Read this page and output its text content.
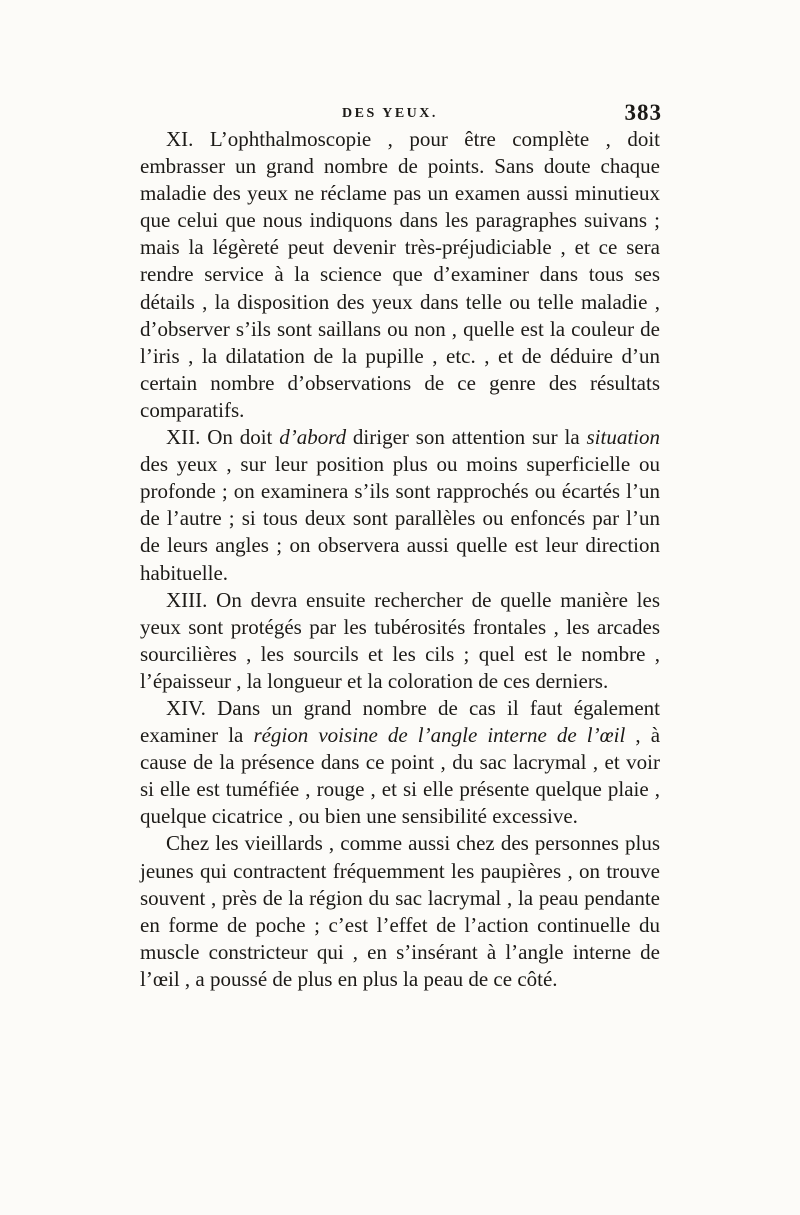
DES YEUX.	383

XI. L’ophthalmoscopie , pour être complète , doit embrasser un grand nombre de points. Sans doute chaque maladie des yeux ne réclame pas un examen aussi minutieux que celui que nous indiquons dans les paragraphes suivans ; mais la légèreté peut devenir très-préjudiciable , et ce sera rendre service à la science que d’examiner dans tous ses détails , la disposition des yeux dans telle ou telle maladie , d’observer s’ils sont saillans ou non , quelle est la couleur de l’iris , la dilatation de la pupille , etc. , et de déduire d’un certain nombre d’observations de ce genre des résultats comparatifs.

XII. On doit d’abord diriger son attention sur la situation des yeux , sur leur position plus ou moins superficielle ou profonde ; on examinera s’ils sont rapprochés ou écartés l’un de l’autre ; si tous deux sont parallèles ou enfoncés par l’un de leurs angles ; on observera aussi quelle est leur direction habituelle.

XIII. On devra ensuite rechercher de quelle manière les yeux sont protégés par les tubérosités frontales , les arcades sourcilières , les sourcils et les cils ; quel est le nombre , l’épaisseur , la longueur et la coloration de ces derniers.

XIV. Dans un grand nombre de cas il faut également examiner la région voisine de l’angle interne de l’œil , à cause de la présence dans ce point , du sac lacrymal , et voir si elle est tuméfiée , rouge , et si elle présente quelque plaie , quelque cicatrice , ou bien une sensibilité excessive.

Chez les vieillards , comme aussi chez des personnes plus jeunes qui contractent fréquemment les paupières , on trouve souvent , près de la région du sac lacrymal , la peau pendante en forme de poche ; c’est l’effet de l’action continuelle du muscle constricteur qui , en s’insérant à l’angle interne de l’œil , a poussé de plus en plus la peau de ce côté.
